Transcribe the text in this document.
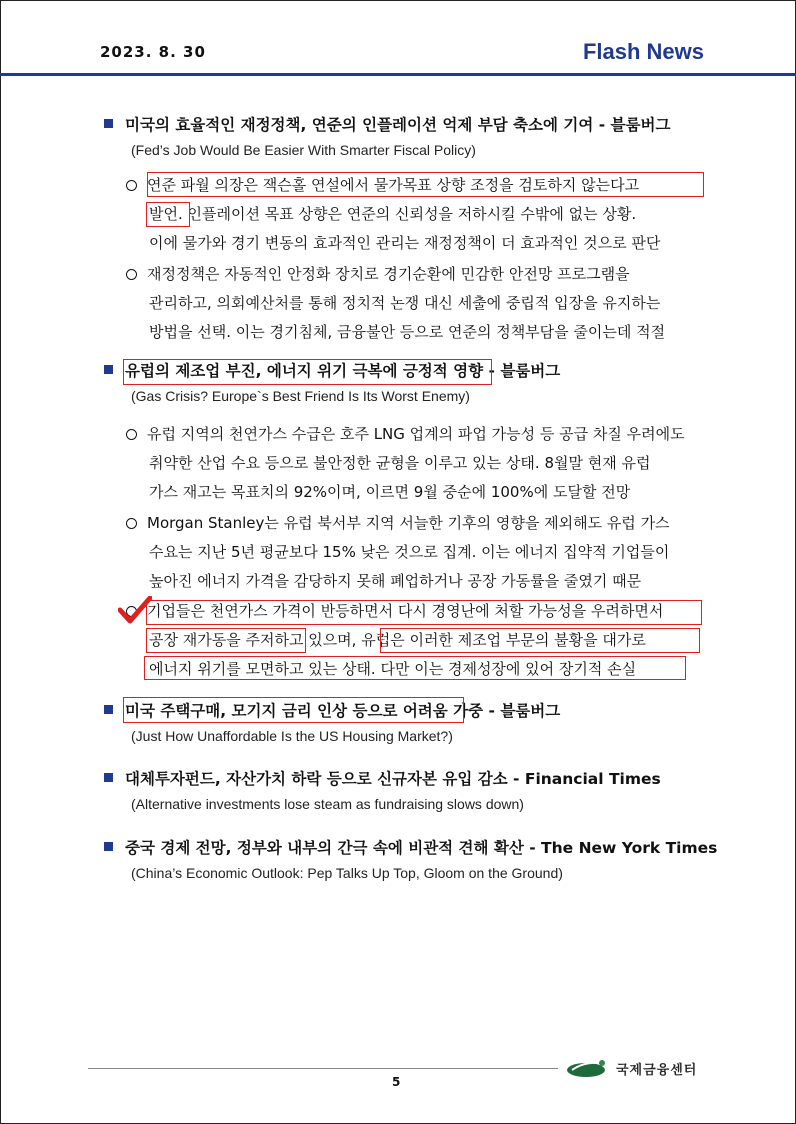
2023. 8. 30	Flash News
미국의 효율적인 재정정책, 연준의 인플레이션 억제 부담 축소에 기여 - 블룸버그
(Fed’s Job Would Be Easier With Smarter Fiscal Policy)
연준 파월 의장은 잭슨홀 연설에서 물가목표 상향 조정을 검토하지 않는다고
발언. 인플레이션 목표 상향은 연준의 신뢰성을 저하시킬 수밖에 없는 상황.
이에 물가와 경기 변동의 효과적인 관리는 재정정책이 더 효과적인 것으로 판단
재정정책은 자동적인 안정화 장치로 경기순환에 민감한 안전망 프로그램을
관리하고, 의회예산처를 통해 정치적 논쟁 대신 세출에 중립적 입장을 유지하는
방법을 선택. 이는 경기침체, 금융불안 등으로 연준의 정책부담을 줄이는데 적절
유럽의 제조업 부진, 에너지 위기 극복에 긍정적 영향 - 블룸버그
(Gas Crisis? Europe`s Best Friend Is Its Worst Enemy)
유럽 지역의 천연가스 수급은 호주 LNG 업계의 파업 가능성 등 공급 차질 우려에도
취약한 산업 수요 등으로 불안정한 균형을 이루고 있는 상태. 8월말 현재 유럽
가스 재고는 목표치의 92%이며, 이르면 9월 중순에 100%에 도달할 전망
Morgan Stanley는 유럽 북서부 지역 서늘한 기후의 영향을 제외해도 유럽 가스
수요는 지난 5년 평균보다 15% 낮은 것으로 집계. 이는 에너지 집약적 기업들이
높아진 에너지 가격을 감당하지 못해 폐업하거나 공장 가동률을 줄였기 때문
기업들은 천연가스 가격이 반등하면서 다시 경영난에 처할 가능성을 우려하면서
공장 재가동을 주저하고 있으며, 유럽은 이러한 제조업 부문의 불황을 대가로
에너지 위기를 모면하고 있는 상태. 다만 이는 경제성장에 있어 장기적 손실
미국 주택구매, 모기지 금리 인상 등으로 어려움 가중 - 블룸버그
(Just How Unaffordable Is the US Housing Market?)
대체투자펀드, 자산가치 하락 등으로 신규자본 유입 감소 - Financial Times
(Alternative investments lose steam as fundraising slows down)
중국 경제 전망, 정부와 내부의 간극 속에 비관적 견해 확산 - The New York Times
(China’s Economic Outlook: Pep Talks Up Top, Gloom on the Ground)
5
국제금융센터
